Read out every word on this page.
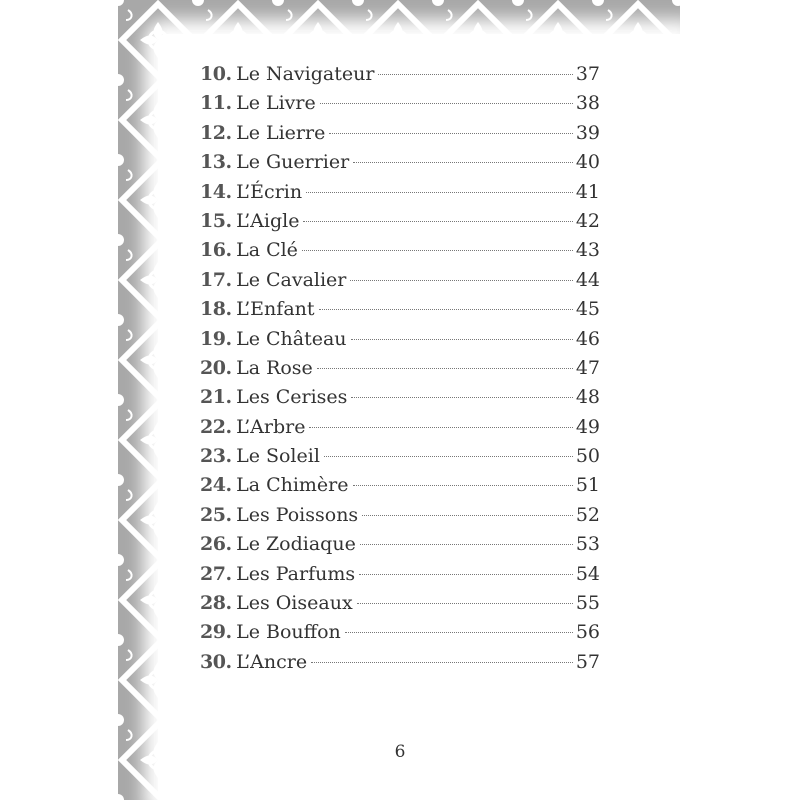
10 . Le Navigateur	37
11 . Le Livre	38
12 . Le Lierre	39
13 . Le Guerrier	40
14 . L’Écrin	41
15 . L’Aigle	42
16 . La Clé	43
17 . Le Cavalier	44
18 . L’Enfant	45
19 . Le Château	46
20 . La Rose	47
21 . Les Cerises	48
22 . L’Arbre	49
23 . Le Soleil	50
24 . La Chimère	51
25 . Les Poissons	52
26 . Le Zodiaque	53
27 . Les Parfums	54
28 . Les Oiseaux	55
29 . Le Bouffon	56
30 . L’Ancre	57
6
